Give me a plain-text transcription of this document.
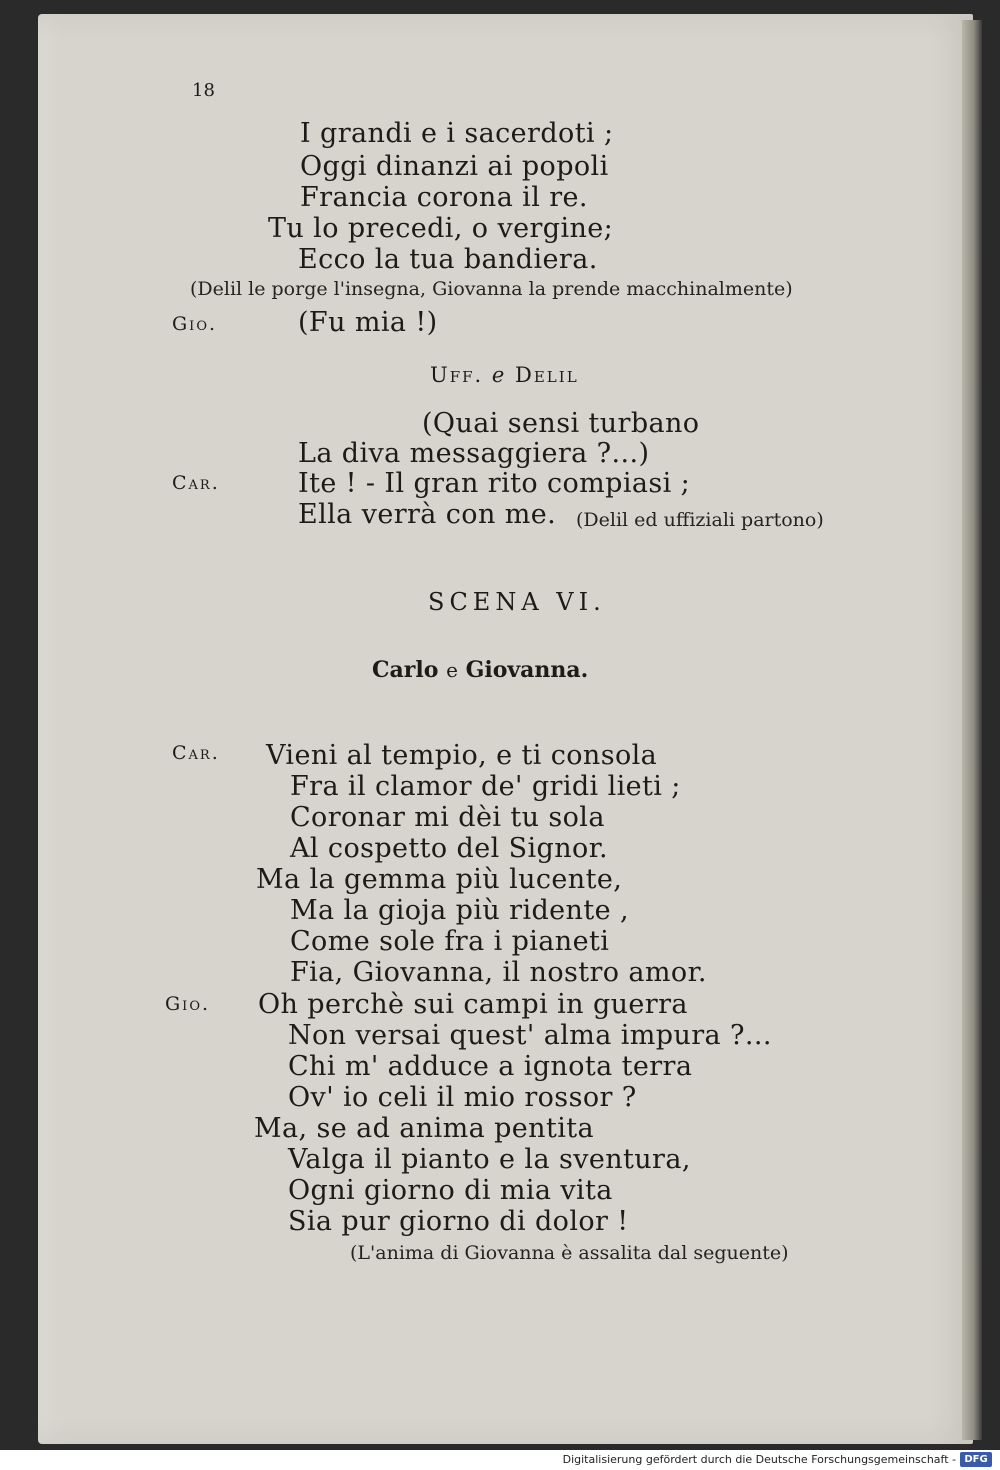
18
I grandi e i sacerdoti ;
Oggi dinanzi ai popoli
Francia corona il re.
Tu lo precedi, o vergine;
Ecco la tua bandiera.
(Delil le porge l'insegna, Giovanna la prende macchinalmente)
Gio.	(Fu mia !)
Uff. e Delil
(Quai sensi turbano
La diva messaggiera ?...)
Car.	Ite ! - Il gran rito compiasi ;
Ella verrà con me. (Delil ed uffiziali partono)
SCENA VI.
Carlo e Giovanna.
Car. Vieni al tempio, e ti consola
Fra il clamor de' gridi lieti ;
Coronar mi dèi tu sola
Al cospetto del Signor.
Ma la gemma più lucente,
Ma la gioja più ridente ,
Come sole fra i pianeti
Fia, Giovanna, il nostro amor.
Gio. Oh perchè sui campi in guerra
Non versai quest' alma impura ?...
Chi m' adduce a ignota terra
Ov' io celi il mio rossor ?
Ma, se ad anima pentita
Valga il pianto e la sventura,
Ogni giorno di mia vita
Sia pur giorno di dolor !
(L'anima di Giovanna è assalita dal seguente)
Digitalisierung gefördert durch die Deutsche Forschungsgemeinschaft - DFG
